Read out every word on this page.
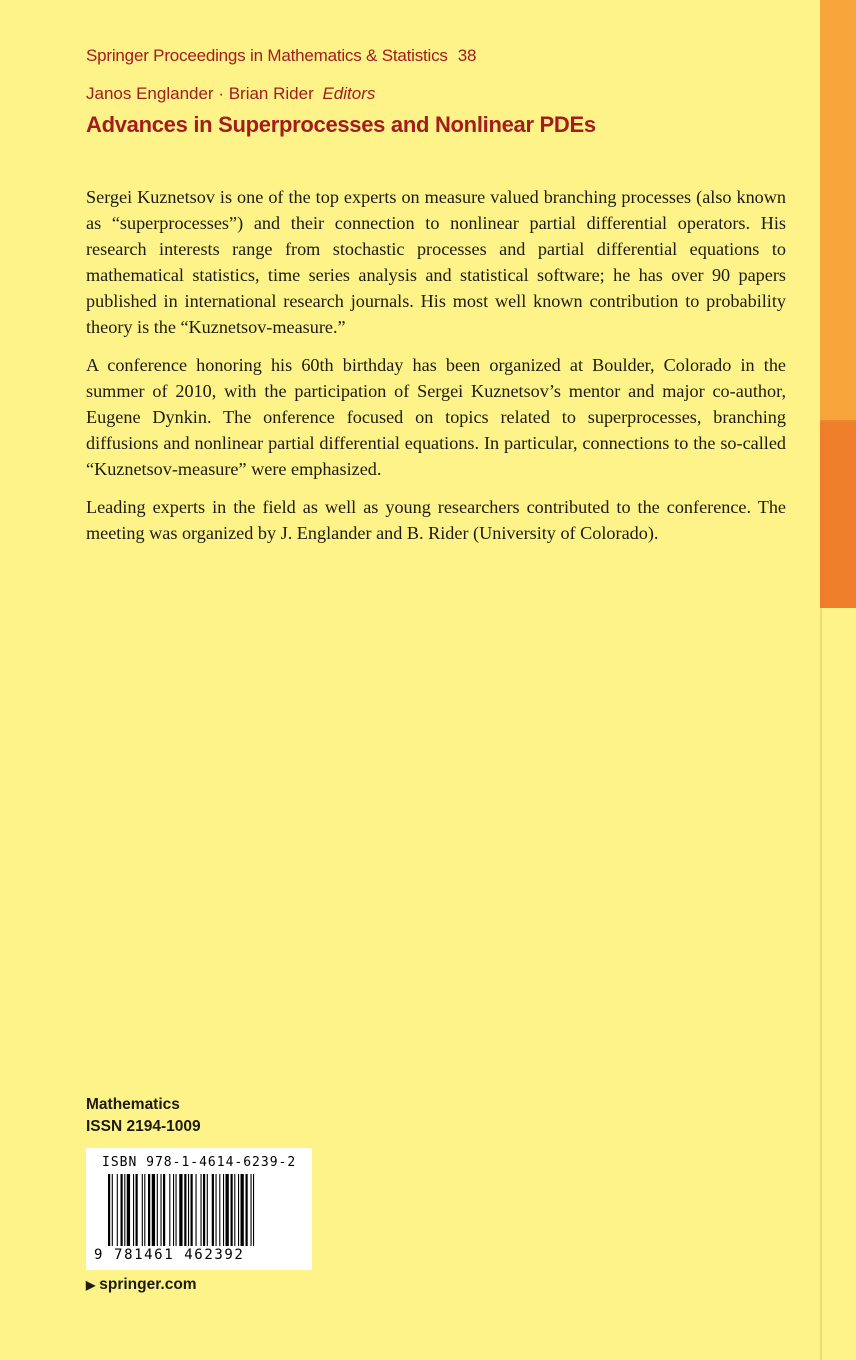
Springer Proceedings in Mathematics & Statistics 38
Janos Englander · Brian Rider Editors
Advances in Superprocesses and Nonlinear PDEs

Sergei Kuznetsov is one of the top experts on measure valued branching processes (also known as “superprocesses”) and their connection to nonlinear partial differential operators. His research interests range from stochastic processes and partial differential equations to mathematical statistics, time series analysis and statistical software; he has over 90 papers published in international research journals. His most well known contribution to probability theory is the “Kuznetsov-measure.”

A conference honoring his 60th birthday has been organized at Boulder, Colorado in the summer of 2010, with the participation of Sergei Kuznetsov’s mentor and major co-author, Eugene Dynkin. The onference focused on topics related to superprocesses, branching diffusions and nonlinear partial differential equations. In particular, connections to the so-called “Kuznetsov-measure” were emphasized.

Leading experts in the field as well as young researchers contributed to the conference. The meeting was organized by J. Englander and B. Rider (University of Colorado).

Mathematics
ISSN 2194-1009
ISBN 978-1-4614-6239-2
9 781461 462392
▶ springer.com
